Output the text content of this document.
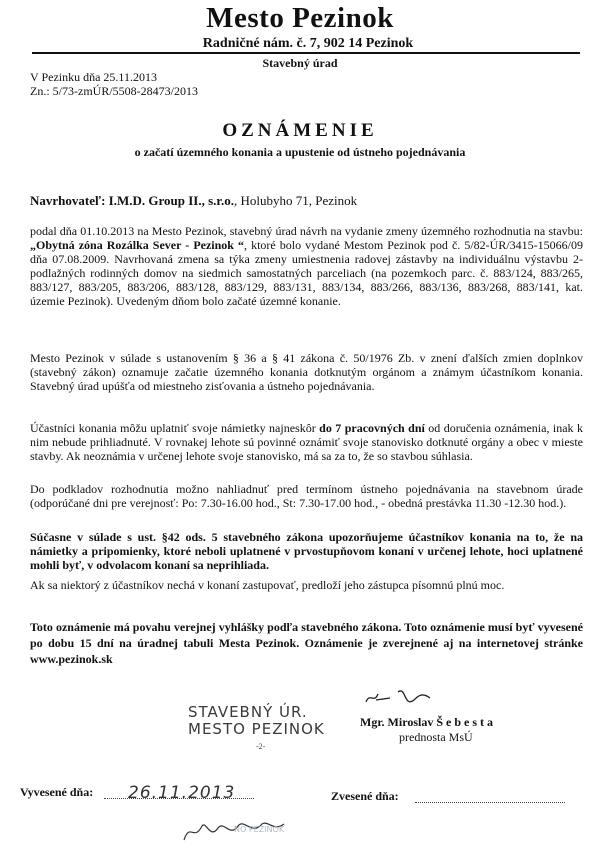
Mesto Pezinok
Radničné nám. č. 7, 902 14 Pezinok
Stavebný úrad
V Pezinku dňa 25.11.2013
Zn.: 5/73-zmÚR/5508-28473/2013
OZNÁMENIE
o začatí územného konania a upustenie od ústneho pojednávania
Navrhovateľ: I.M.D. Group II., s.r.o., Holubyho 71, Pezinok
podal dňa 01.10.2013 na Mesto Pezinok, stavebný úrad návrh na vydanie zmeny územného rozhodnutia na stavbu: „Obytná zóna Rozálka Sever - Pezinok “, ktoré bolo vydané Mestom Pezinok pod č. 5/82-ÚR/3415-15066/09 dňa 07.08.2009. Navrhovaná zmena sa týka zmeny umiestnenia radovej zástavby na individuálnu výstavbu 2-podlažných rodinných domov na siedmich samostatných parceliach (na pozemkoch parc. č. 883/124, 883/265, 883/127, 883/205, 883/206, 883/128, 883/129, 883/131, 883/134, 883/266, 883/136, 883/268, 883/141, kat. územie Pezinok). Uvedeným dňom bolo začaté územné konanie.
Mesto Pezinok v súlade s ustanovením § 36 a § 41 zákona č. 50/1976 Zb. v znení ďalších zmien doplnkov (stavebný zákon) oznamuje začatie územného konania dotknutým orgánom a známym účastníkom konania. Stavebný úrad upúšťa od miestneho zisťovania a ústneho pojednávania.
Účastníci konania môžu uplatniť svoje námietky najneskôr do 7 pracovných dní od doručenia oznámenia, inak k nim nebude prihliadnuté. V rovnakej lehote sú povinné oznámiť svoje stanovisko dotknuté orgány a obec v mieste stavby. Ak neoznámia v určenej lehote svoje stanovisko, má sa za to, že so stavbou súhlasia.
Do podkladov rozhodnutia možno nahliadnuť pred termínom ústneho pojednávania na stavebnom úrade (odporúčané dni pre verejnosť: Po: 7.30-16.00 hod., St: 7.30-17.00 hod., - obedná prestávka 11.30 -12.30 hod.).
Súčasne v súlade s ust. §42 ods. 5 stavebného zákona upozorňujeme účastníkov konania na to, že na námietky a pripomienky, ktoré neboli uplatnené v prvostupňovom konaní v určenej lehote, hoci uplatnené mohli byť, v odvolacom konaní sa neprihliada.
Ak sa niektorý z účastníkov nechá v konaní zastupovať, predloží jeho zástupca písomnú plnú moc.
Toto oznámenie má povahu verejnej vyhlášky podľa stavebného zákona. Toto oznámenie musí byť vyvesené po dobu 15 dní na úradnej tabuli Mesta Pezinok. Oznámenie je zverejnené aj na internetovej stránke www.pezinok.sk
STAVEBNÝ ÚR.
MESTO PEZINOK
-2-
Mgr. Miroslav Š e b e s t a
prednosta MsÚ
Vyvesené dňa: 26.11.2013	Zvesené dňa:
NO PEZINOK
